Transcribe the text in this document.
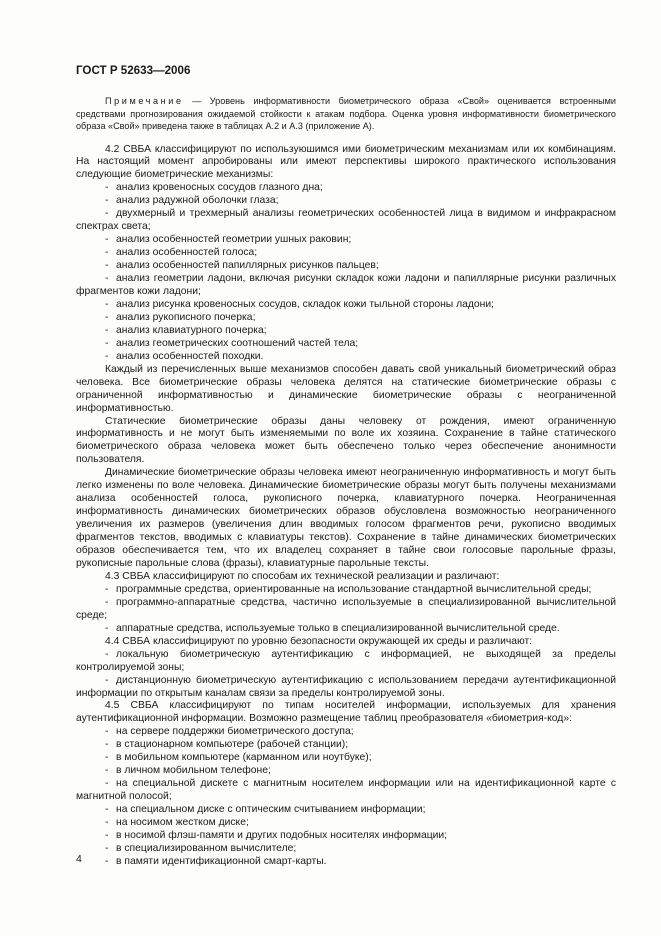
ГОСТ Р 52633—2006

Примечание — Уровень информативности биометрического образа «Свой» оценивается встроенными средствами прогнозирования ожидаемой стойкости к атакам подбора. Оценка уровня информативности биометрического образа «Свой» приведена также в таблицах А.2 и А.3 (приложение А).

4.2 СВБА классифицируют по используюшимся ими биометрическим механизмам или их комбинациям. На настоящий момент апробированы или имеют перспективы широкого практического использования следующие биометрические механизмы:

- анализ кровеносных сосудов глазного дна;

- анализ радужной оболочки глаза;

- двухмерный и трехмерный анализы геометрических особенностей лица в видимом и инфракрасном спектрах света;

- анализ особенностей геометрии ушных раковин;

- анализ особенностей голоса;

- анализ особенностей папиллярных рисунков пальцев;

- анализ геометрии ладони, включая рисунки складок кожи ладони и папиллярные рисунки различных фрагментов кожи ладони;

- анализ рисунка кровеносных сосудов, складок кожи тыльной стороны ладони;

- анализ рукописного почерка;

- анализ клавиатурного почерка;

- анализ геометрических соотношений частей тела;

- анализ особенностей походки.

Каждый из перечисленных выше механизмов способен давать свой уникальный биометрический образ человека. Все биометрические образы человека делятся на статические биометрические образы с ограниченной информативностью и динамические биометрические образы с неограниченной информативностью.

Статические биометрические образы даны человеку от рождения, имеют ограниченную информативность и не могут быть изменяемыми по воле их хозяина. Сохранение в тайне статического биометрического образа человека может быть обеспечено только через обеспечение анонимности пользователя.

Динамические биометрические образы человека имеют неограниченную информативность и могут быть легко изменены по воле человека. Динамические биометрические образы могут быть получены механизмами анализа особенностей голоса, рукописного почерка, клавиатурного почерка. Неограниченная информативность динамических биометрических образов обусловлена возможностью неограниченного увеличения их размеров (увеличения длин вводимых голосом фрагментов речи, рукописно вводимых фрагментов текстов, вводимых с клавиатуры текстов). Сохранение в тайне динамических биометрических образов обеспечивается тем, что их владелец сохраняет в тайне свои голосовые парольные фразы, рукописные парольные слова (фразы), клавиатурные парольные тексты.

4.3 СВБА классифицируют по способам их технической реализации и различают:

- программные средства, ориентированные на использование стандартной вычислительной среды;

- программно-аппаратные средства, частично используемые в специализированной вычислительной среде;

- аппаратные средства, используемые только в специализированной вычислительной среде.

4.4 СВБА классифицируют по уровню безопасности окружающей их среды и различают:

- локальную биометрическую аутентификацию с информацией, не выходящей за пределы контролируемой зоны;

- дистанционную биометрическую аутентификацию с использованием передачи аутентификационной информации по открытым каналам связи за пределы контролируемой зоны.

4.5 СВБА классифицируют по типам носителей информации, используемых для хранения аутентификационной информации. Возможно размещение таблиц преобразователя «биометрия-код»:

- на сервере поддержки биометрического доступа;

- в стационарном компьютере (рабочей станции);

- в мобильном компьютере (карманном или ноутбуке);

- в личном мобильном телефоне;

- на специальной дискете с магнитным носителем информации или на идентификационной карте с магнитной полосой;

- на специальном диске с оптическим считыванием информации;

- на носимом жестком диске;

- в носимой флэш-памяти и других подобных носителях информации;

- в специализированном вычислителе;

- в памяти идентификационной смарт-карты.

4
